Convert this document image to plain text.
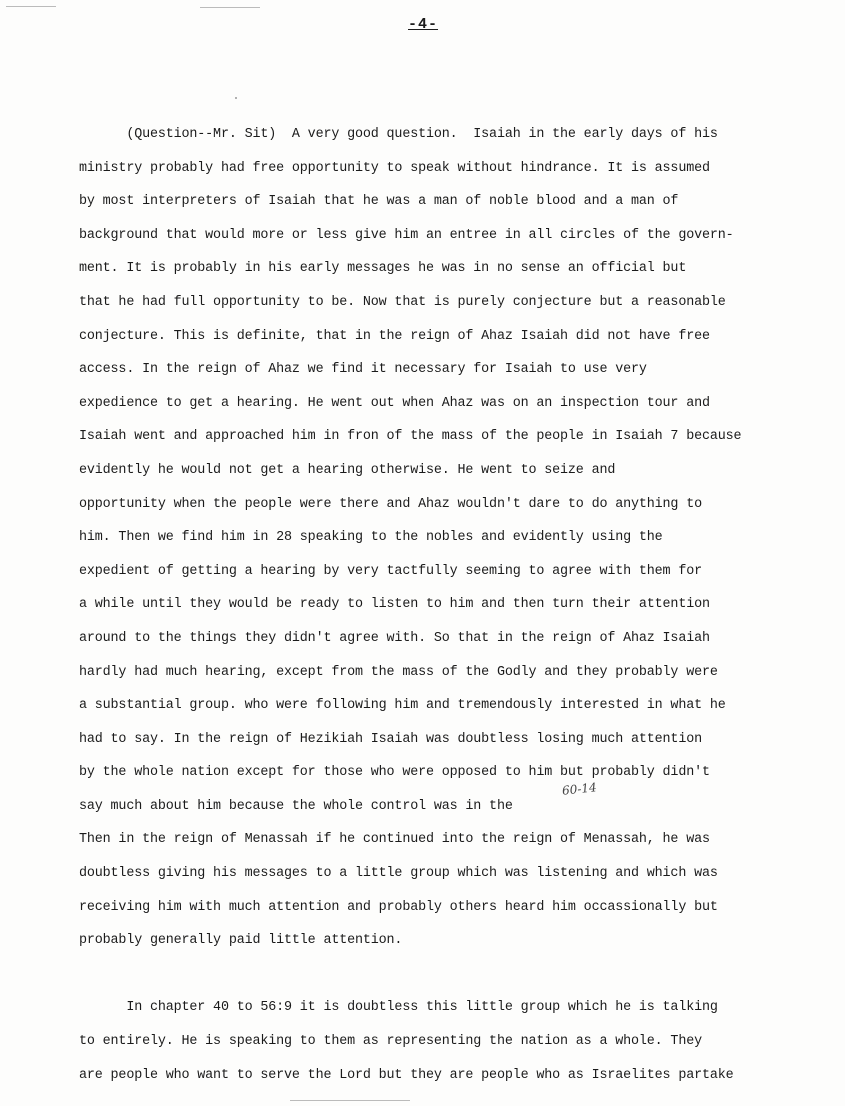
-4-
(Question--Mr. Sit)  A very good question.  Isaiah in the early days of his
ministry probably had free opportunity to speak without hindrance. It is assumed
by most interpreters of Isaiah that he was a man of noble blood and a man of
background that would more or less give him an entree in all circles of the govern-
ment. It is probably in his early messages he was in no sense an official but
that he had full opportunity to be. Now that is purely conjecture but a reasonable
conjecture. This is definite, that in the reign of Ahaz Isaiah did not have free
access. In the reign of Ahaz we find it necessary for Isaiah to use very
expedience to get a hearing. He went out when Ahaz was on an inspection tour and
Isaiah went and approached him in fron of the mass of the people in Isaiah 7 because
evidently he would not get a hearing otherwise. He went to seize and
opportunity when the people were there and Ahaz wouldn't dare to do anything to
him. Then we find him in 28 speaking to the nobles and evidently using the
expedient of getting a hearing by very tactfully seeming to agree with them for
a while until they would be ready to listen to him and then turn their attention
around to the things they didn't agree with. So that in the reign of Ahaz Isaiah
hardly had much hearing, except from the mass of the Godly and they probably were
a substantial group. who were following him and tremendously interested in what he
had to say. In the reign of Hezikiah Isaiah was doubtless losing much attention
by the whole nation except for those who were opposed to him but probably didn't
say much about him because the whole control was in the
Then in the reign of Menassah if he continued into the reign of Menassah, he was
doubtless giving his messages to a little group which was listening and which was
receiving him with much attention and probably others heard him occassionally but
probably generally paid little attention.
In chapter 40 to 56:9 it is doubtless this little group which he is talking
to entirely. He is speaking to them as representing the nation as a whole. They
are people who want to serve the Lord but they are people who as Israelites partake
60-14
